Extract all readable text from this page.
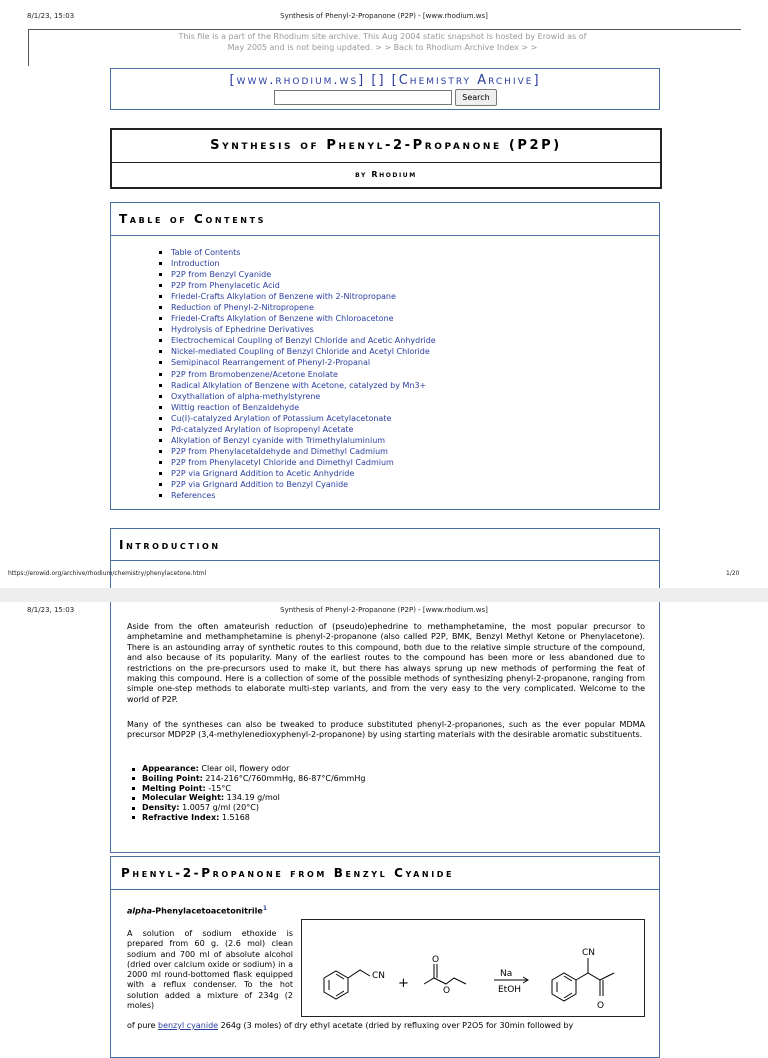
8/1/23, 15:03	Synthesis of Phenyl-2-Propanone (P2P) - [www.rhodium.ws]
This file is a part of the Rhodium site archive. This Aug 2004 static snapshot is hosted by Erowid as of May 2005 and is not being updated. > > Back to Rhodium Archive Index > >
[www.rhodium.ws] [] [Chemistry Archive]
Search
Synthesis of Phenyl-2-Propanone (P2P)
by Rhodium
Table of Contents
Table of Contents
Introduction
P2P from Benzyl Cyanide
P2P from Phenylacetic Acid
Friedel-Crafts Alkylation of Benzene with 2-Nitropropane
Reduction of Phenyl-2-Nitropropene
Friedel-Crafts Alkylation of Benzene with Chloroacetone
Hydrolysis of Ephedrine Derivatives
Electrochemical Coupling of Benzyl Chloride and Acetic Anhydride
Nickel-mediated Coupling of Benzyl Chloride and Acetyl Chloride
Semipinacol Rearrangement of Phenyl-2-Propanal
P2P from Bromobenzene/Acetone Enolate
Radical Alkylation of Benzene with Acetone, catalyzed by Mn3+
Oxythallation of alpha-methylstyrene
Wittig reaction of Benzaldehyde
Cu(I)-catalyzed Arylation of Potassium Acetylacetonate
Pd-catalyzed Arylation of Isopropenyl Acetate
Alkylation of Benzyl cyanide with Trimethylaluminium
P2P from Phenylacetaldehyde and Dimethyl Cadmium
P2P from Phenylacetyl Chloride and Dimethyl Cadmium
P2P via Grignard Addition to Acetic Anhydride
P2P via Grignard Addition to Benzyl Cyanide
References
Introduction
https://erowid.org/archive/rhodium/chemistry/phenylacetone.html	1/20
8/1/23, 15:03	Synthesis of Phenyl-2-Propanone (P2P) - [www.rhodium.ws]
Aside from the often amateurish reduction of (pseudo)ephedrine to methamphetamine, the most popular precursor to amphetamine and methamphetamine is phenyl-2-propanone (also called P2P, BMK, Benzyl Methyl Ketone or Phenylacetone). There is an astounding array of synthetic routes to this compound, both due to the relative simple structure of the compound, and also because of its popularity. Many of the earliest routes to the compound has been more or less abandoned due to restrictions on the pre-precursors used to make it, but there has always sprung up new methods of performing the feat of making this compound. Here is a collection of some of the possible methods of synthesizing phenyl-2-propanone, ranging from simple one-step methods to elaborate multi-step variants, and from the very easy to the very complicated. Welcome to the world of P2P.
Many of the syntheses can also be tweaked to produce substituted phenyl-2-propanones, such as the ever popular MDMA precursor MDP2P (3,4-methylenedioxyphenyl-2-propanone) by using starting materials with the desirable aromatic substituents.
Appearance: Clear oil, flowery odor
Boiling Point: 214-216°C/760mmHg, 86-87°C/6mmHg
Melting Point: -15°C
Molecular Weight: 134.19 g/mol
Density: 1.0057 g/ml (20°C)
Refractive Index: 1.5168
Phenyl-2-Propanone from Benzyl Cyanide
alpha-Phenylacetoacetonitrile$^1$
A solution of sodium ethoxide is prepared from 60 g. (2.6 mol) clean sodium and 700 ml of absolute alcohol (dried over calcium oxide or sodium) in a 2000 ml round-bottomed flask equipped with a reflux condenser. To the hot solution added a mixture of 234g (2 moles)
CN +
O
O
Na
EtOH
CN
O
of pure benzyl cyanide 264g (3 moles) of dry ethyl acetate (dried by refluxing over P2O5 for 30min followed by
